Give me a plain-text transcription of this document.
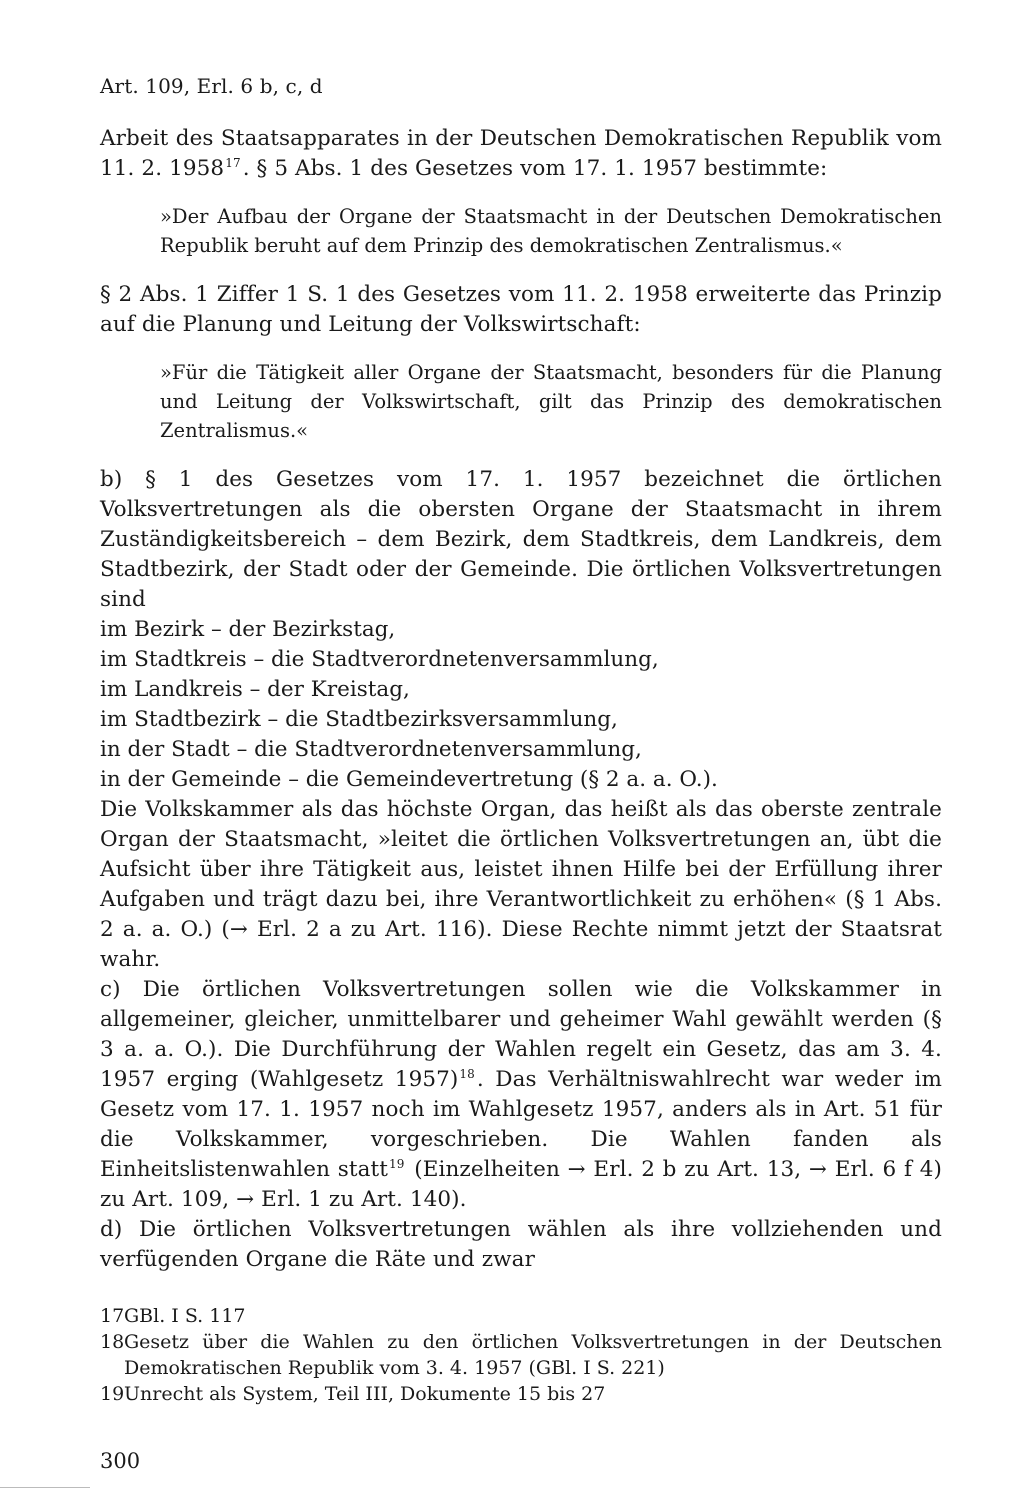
Art. 109, Erl. 6 b, c, d

Arbeit des Staatsapparates in der Deutschen Demokratischen Republik vom 11. 2. 1958$^{17}$. § 5 Abs. 1 des Gesetzes vom 17. 1. 1957 bestimmte:

»Der Aufbau der Organe der Staatsmacht in der Deutschen Demokratischen Republik beruht auf dem Prinzip des demokratischen Zentralismus.«

§ 2 Abs. 1 Ziffer 1 S. 1 des Gesetzes vom 11. 2. 1958 erweiterte das Prinzip auf die Planung und Leitung der Volkswirtschaft:

»Für die Tätigkeit aller Organe der Staatsmacht, besonders für die Planung und Leitung der Volkswirtschaft, gilt das Prinzip des demokratischen Zentralismus.«

b) § 1 des Gesetzes vom 17. 1. 1957 bezeichnet die örtlichen Volksvertretungen als die obersten Organe der Staatsmacht in ihrem Zuständigkeitsbereich – dem Bezirk, dem Stadtkreis, dem Landkreis, dem Stadtbezirk, der Stadt oder der Gemeinde. Die örtlichen Volksvertretungen sind

im Bezirk – der Bezirkstag,
im Stadtkreis – die Stadtverordnetenversammlung,
im Landkreis – der Kreistag,
im Stadtbezirk – die Stadtbezirksversammlung,
in der Stadt – die Stadtverordnetenversammlung,
in der Gemeinde – die Gemeindevertretung (§ 2 a. a. O.).

Die Volkskammer als das höchste Organ, das heißt als das oberste zentrale Organ der Staatsmacht, »leitet die örtlichen Volksvertretungen an, übt die Aufsicht über ihre Tätigkeit aus, leistet ihnen Hilfe bei der Erfüllung ihrer Aufgaben und trägt dazu bei, ihre Verantwortlichkeit zu erhöhen« (§ 1 Abs. 2 a. a. O.) (→ Erl. 2 a zu Art. 116). Diese Rechte nimmt jetzt der Staatsrat wahr.

c) Die örtlichen Volksvertretungen sollen wie die Volkskammer in allgemeiner, gleicher, unmittelbarer und geheimer Wahl gewählt werden (§ 3 a. a. O.). Die Durchführung der Wahlen regelt ein Gesetz, das am 3. 4. 1957 erging (Wahlgesetz 1957)$^{18}$. Das Verhältniswahlrecht war weder im Gesetz vom 17. 1. 1957 noch im Wahlgesetz 1957, anders als in Art. 51 für die Volkskammer, vorgeschrieben. Die Wahlen fanden als Einheitslistenwahlen statt$^{19}$ (Einzelheiten → Erl. 2 b zu Art. 13, → Erl. 6 f 4) zu Art. 109, → Erl. 1 zu Art. 140).

d) Die örtlichen Volksvertretungen wählen als ihre vollziehenden und verfügenden Organe die Räte und zwar

17 GBl. I S. 117
18 Gesetz über die Wahlen zu den örtlichen Volksvertretungen in der Deutschen Demokratischen Republik vom 3. 4. 1957 (GBl. I S. 221)
19 Unrecht als System, Teil III, Dokumente 15 bis 27
300
